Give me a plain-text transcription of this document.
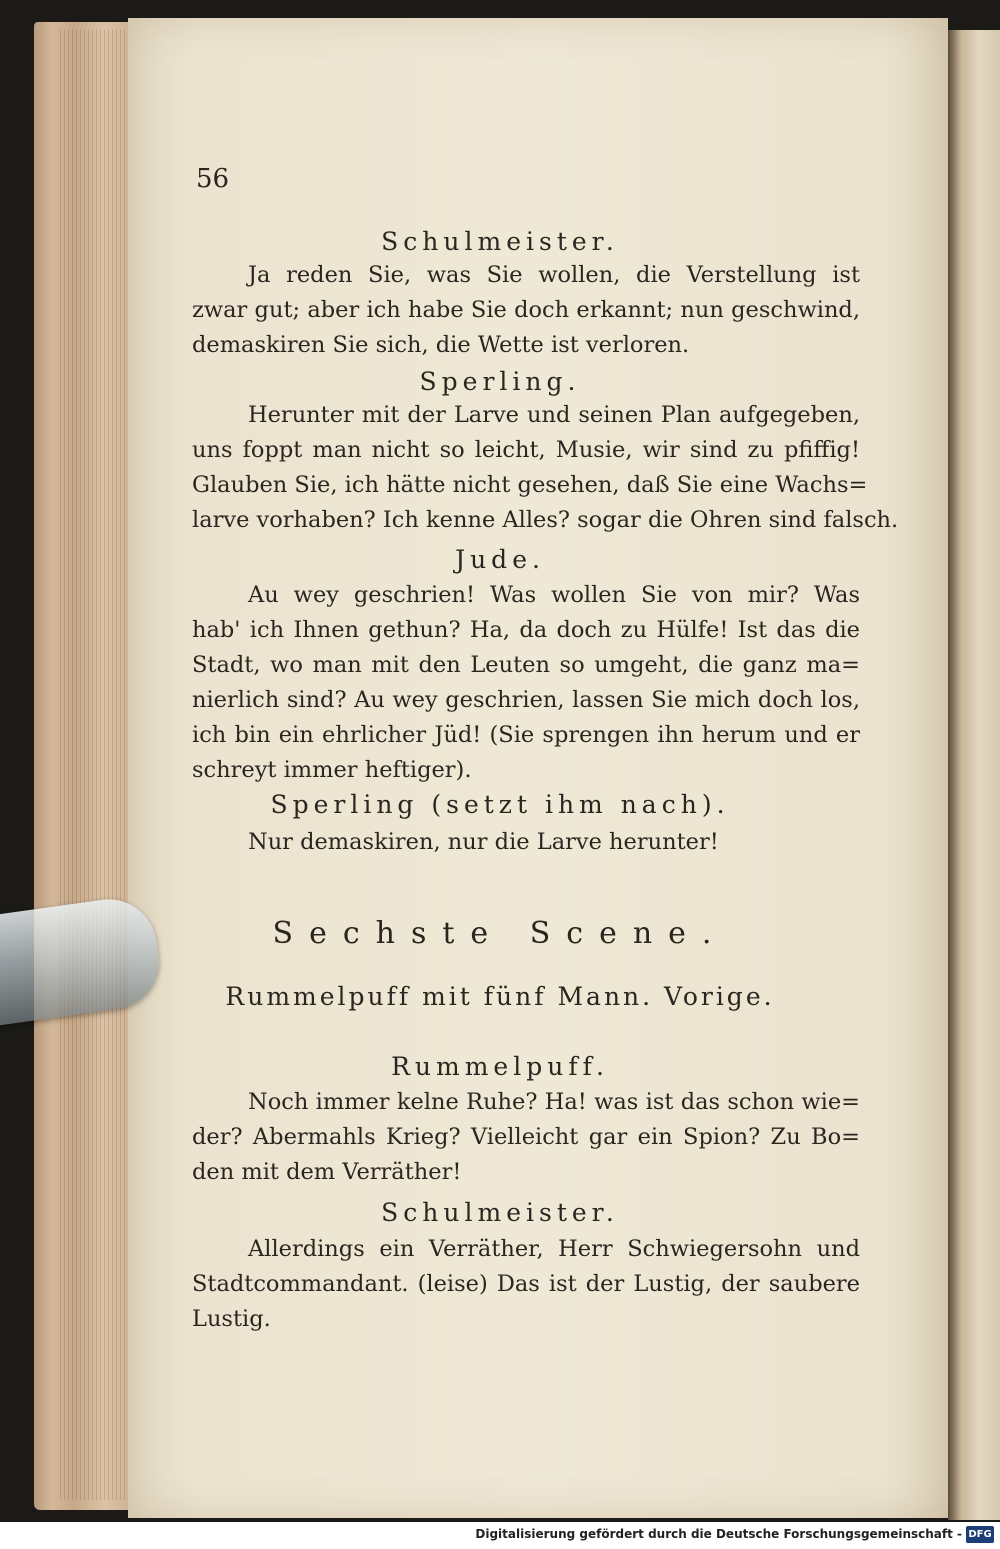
56
Schulmeister.
Ja reden Sie, was Sie wollen, die Verstellung ist
zwar gut; aber ich habe Sie doch erkannt; nun geschwind,
demaskiren Sie sich, die Wette ist verloren.
Sperling.
Herunter mit der Larve und seinen Plan aufgegeben,
uns foppt man nicht so leicht, Musie, wir sind zu pfiffig!
Glauben Sie, ich hätte nicht gesehen, daß Sie eine Wachs=
larve vorhaben? Ich kenne Alles? sogar die Ohren sind falsch.
Jude.
Au wey geschrien! Was wollen Sie von mir? Was
hab' ich Ihnen gethun? Ha, da doch zu Hülfe! Ist das die
Stadt, wo man mit den Leuten so umgeht, die ganz ma=
nierlich sind? Au wey geschrien, lassen Sie mich doch los,
ich bin ein ehrlicher Jüd! (Sie sprengen ihn herum und er
schreyt immer heftiger).
Sperling (setzt ihm nach).
Nur demaskiren, nur die Larve herunter!
Sechste Scene.
Rummelpuff mit fünf Mann. Vorige.
Rummelpuff.
Noch immer kelne Ruhe? Ha! was ist das schon wie=
der? Abermahls Krieg? Vielleicht gar ein Spion? Zu Bo=
den mit dem Verräther!
Schulmeister.
Allerdings ein Verräther, Herr Schwiegersohn und
Stadtcommandant. (leise) Das ist der Lustig, der saubere
Lustig.
Digitalisierung gefördert durch die Deutsche Forschungsgemeinschaft - DFG
